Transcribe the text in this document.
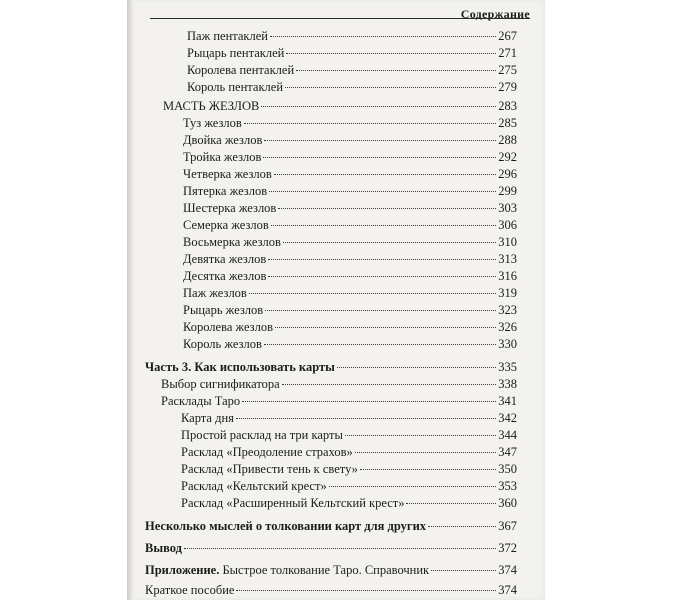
Содержание
Паж пентаклей	267
Рыцарь пентаклей	271
Королева пентаклей	275
Король пентаклей	279
МАСТЬ ЖЕЗЛОВ	283
Туз жезлов	285
Двойка жезлов	288
Тройка жезлов	292
Четверка жезлов	296
Пятерка жезлов	299
Шестерка жезлов	303
Семерка жезлов	306
Восьмерка жезлов	310
Девятка жезлов	313
Десятка жезлов	316
Паж жезлов	319
Рыцарь жезлов	323
Королева жезлов	326
Король жезлов	330
Часть 3. Как использовать карты	335
Выбор сигнификатора	338
Расклады Таро	341
Карта дня	342
Простой расклад на три карты	344
Расклад «Преодоление страхов»	347
Расклад «Привести тень к свету»	350
Расклад «Кельтский крест»	353
Расклад «Расширенный Кельтский крест»	360
Несколько мыслей о толковании карт для других	367
Вывод	372
Приложение. Быстрое толкование Таро. Справочник	374
Краткое пособие	374
